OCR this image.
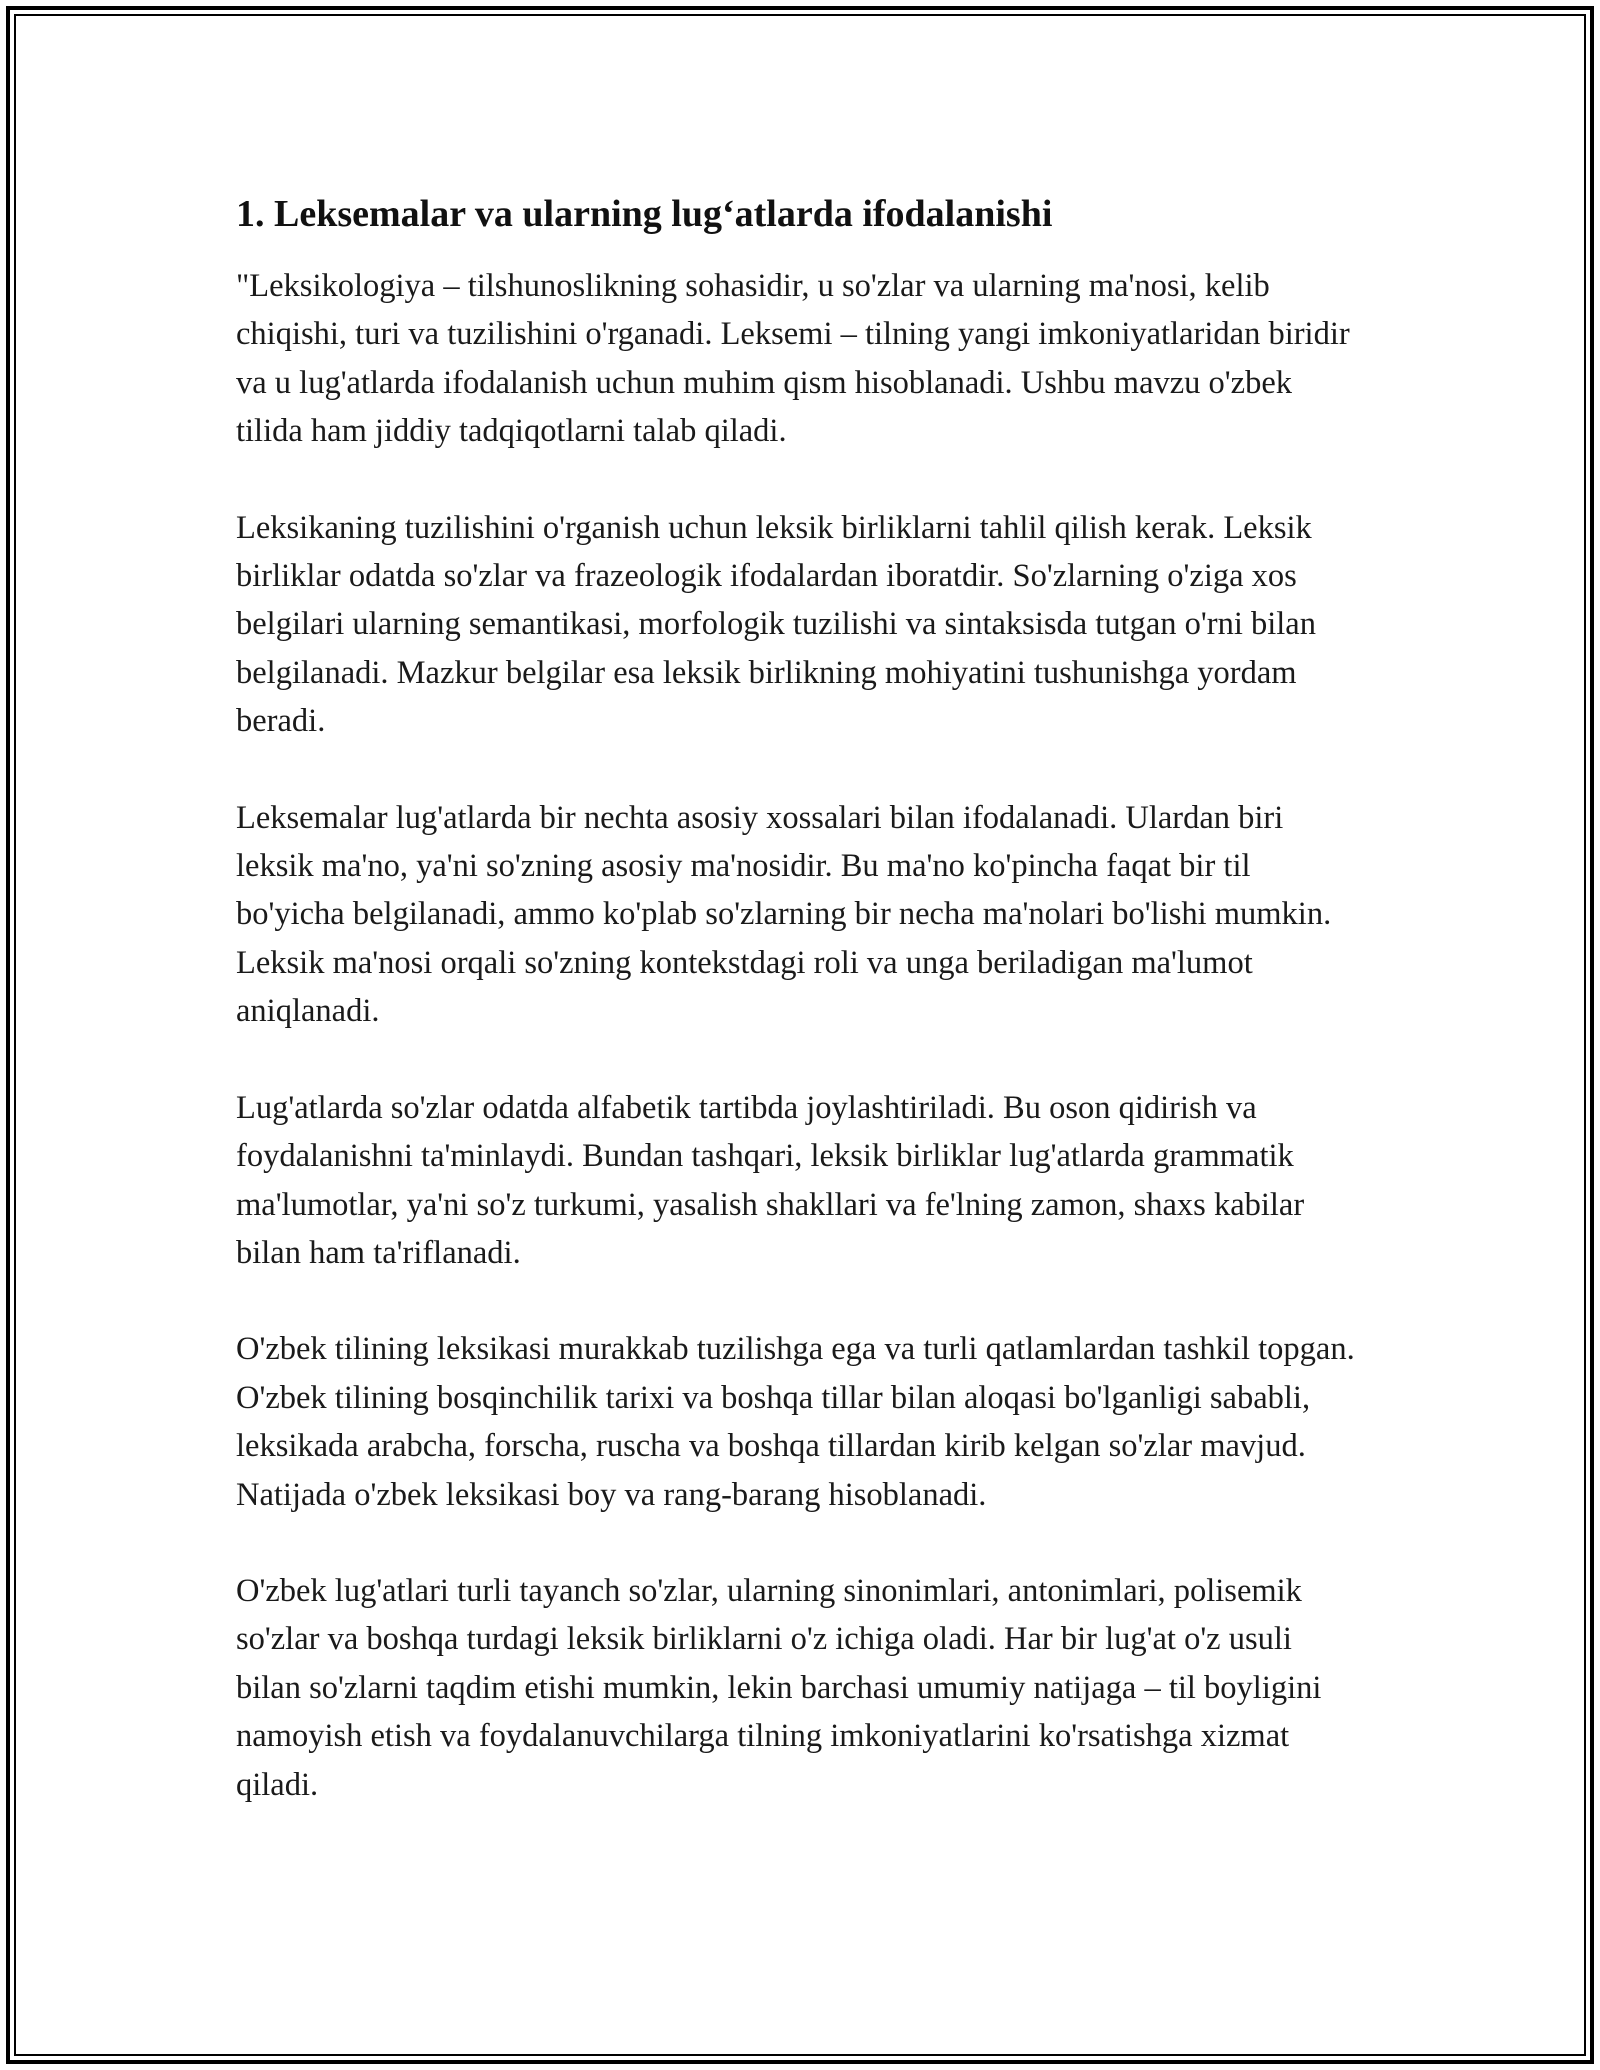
1. Leksemalar va ularning lug‘atlarda ifodalanishi

"Leksikologiya – tilshunoslikning sohasidir, u so'zlar va ularning ma'nosi, kelib chiqishi, turi va tuzilishini o'rganadi. Leksemi – tilning yangi imkoniyatlaridan biridir va u lug'atlarda ifodalanish uchun muhim qism hisoblanadi. Ushbu mavzu o'zbek tilida ham jiddiy tadqiqotlarni talab qiladi.

Leksikaning tuzilishini o'rganish uchun leksik birliklarni tahlil qilish kerak. Leksik birliklar odatda so'zlar va frazeologik ifodalardan iboratdir. So'zlarning o'ziga xos belgilari ularning semantikasi, morfologik tuzilishi va sintaksisda tutgan o'rni bilan belgilanadi. Mazkur belgilar esa leksik birlikning mohiyatini tushunishga yordam beradi.

Leksemalar lug'atlarda bir nechta asosiy xossalari bilan ifodalanadi. Ulardan biri leksik ma'no, ya'ni so'zning asosiy ma'nosidir. Bu ma'no ko'pincha faqat bir til bo'yicha belgilanadi, ammo ko'plab so'zlarning bir necha ma'nolari bo'lishi mumkin. Leksik ma'nosi orqali so'zning kontekstdagi roli va unga beriladigan ma'lumot aniqlanadi.

Lug'atlarda so'zlar odatda alfabetik tartibda joylashtiriladi. Bu oson qidirish va foydalanishni ta'minlaydi. Bundan tashqari, leksik birliklar lug'atlarda grammatik ma'lumotlar, ya'ni so'z turkumi, yasalish shakllari va fe'lning zamon, shaxs kabilar bilan ham ta'riflanadi.

O'zbek tilining leksikasi murakkab tuzilishga ega va turli qatlamlardan tashkil topgan. O'zbek tilining bosqinchilik tarixi va boshqa tillar bilan aloqasi bo'lganligi sababli, leksikada arabcha, forscha, ruscha va boshqa tillardan kirib kelgan so'zlar mavjud. Natijada o'zbek leksikasi boy va rang-barang hisoblanadi.

O'zbek lug'atlari turli tayanch so'zlar, ularning sinonimlari, antonimlari, polisemik so'zlar va boshqa turdagi leksik birliklarni o'z ichiga oladi. Har bir lug'at o'z usuli bilan so'zlarni taqdim etishi mumkin, lekin barchasi umumiy natijaga – til boyligini namoyish etish va foydalanuvchilarga tilning imkoniyatlarini ko'rsatishga xizmat qiladi.
